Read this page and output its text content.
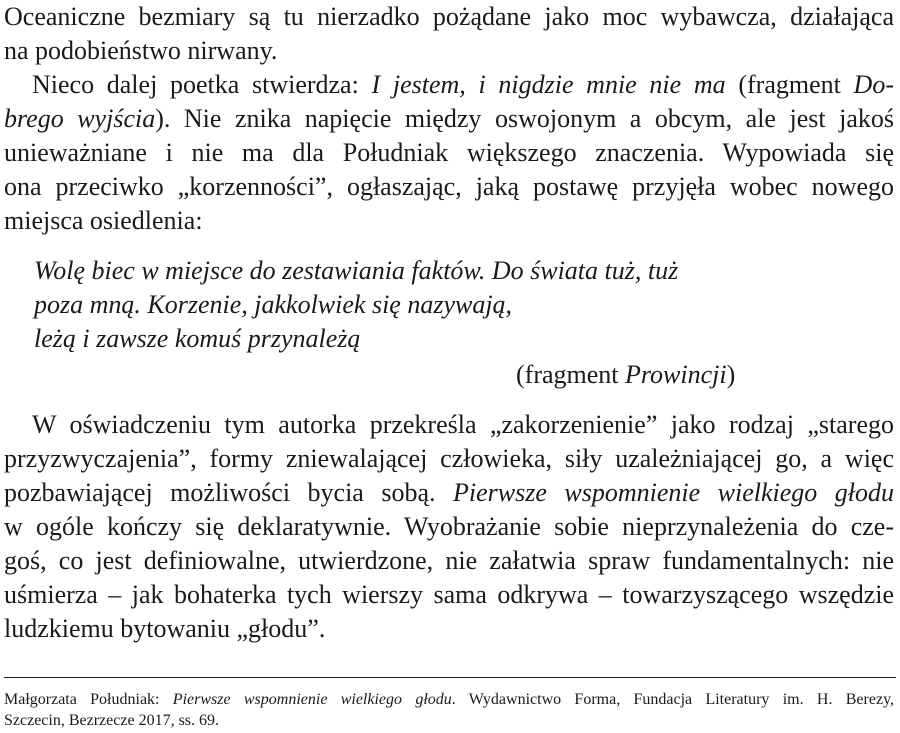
Oceaniczne bezmiary są tu nierzadko pożądane jako moc wybawcza, działająca
na podobieństwo nirwany.
Nieco dalej poetka stwierdza: I jestem, i nigdzie mnie nie ma (fragment Do-
brego wyjścia). Nie znika napięcie między oswojonym a obcym, ale jest jakoś
unieważniane i nie ma dla Południak większego znaczenia. Wypowiada się
ona przeciwko „korzenności”, ogłaszając, jaką postawę przyjęła wobec nowego
miejsca osiedlenia:
Wolę biec w miejsce do zestawiania faktów. Do świata tuż, tuż
poza mną. Korzenie, jakkolwiek się nazywają,
leżą i zawsze komuś przynależą
(fragment Prowincji)
W oświadczeniu tym autorka przekreśla „zakorzenienie” jako rodzaj „starego
przyzwyczajenia”, formy zniewalającej człowieka, siły uzależniającej go, a więc
pozbawiającej możliwości bycia sobą. Pierwsze wspomnienie wielkiego głodu
w ogóle kończy się deklaratywnie. Wyobrażanie sobie nieprzynależenia do cze-
goś, co jest definiowalne, utwierdzone, nie załatwia spraw fundamentalnych: nie
uśmierza – jak bohaterka tych wierszy sama odkrywa – towarzyszącego wszędzie
ludzkiemu bytowaniu „głodu”.
Małgorzata Południak: Pierwsze wspomnienie wielkiego głodu. Wydawnictwo Forma, Fundacja Literatury im. H. Berezy,
Szczecin, Bezrzecze 2017, ss. 69.
